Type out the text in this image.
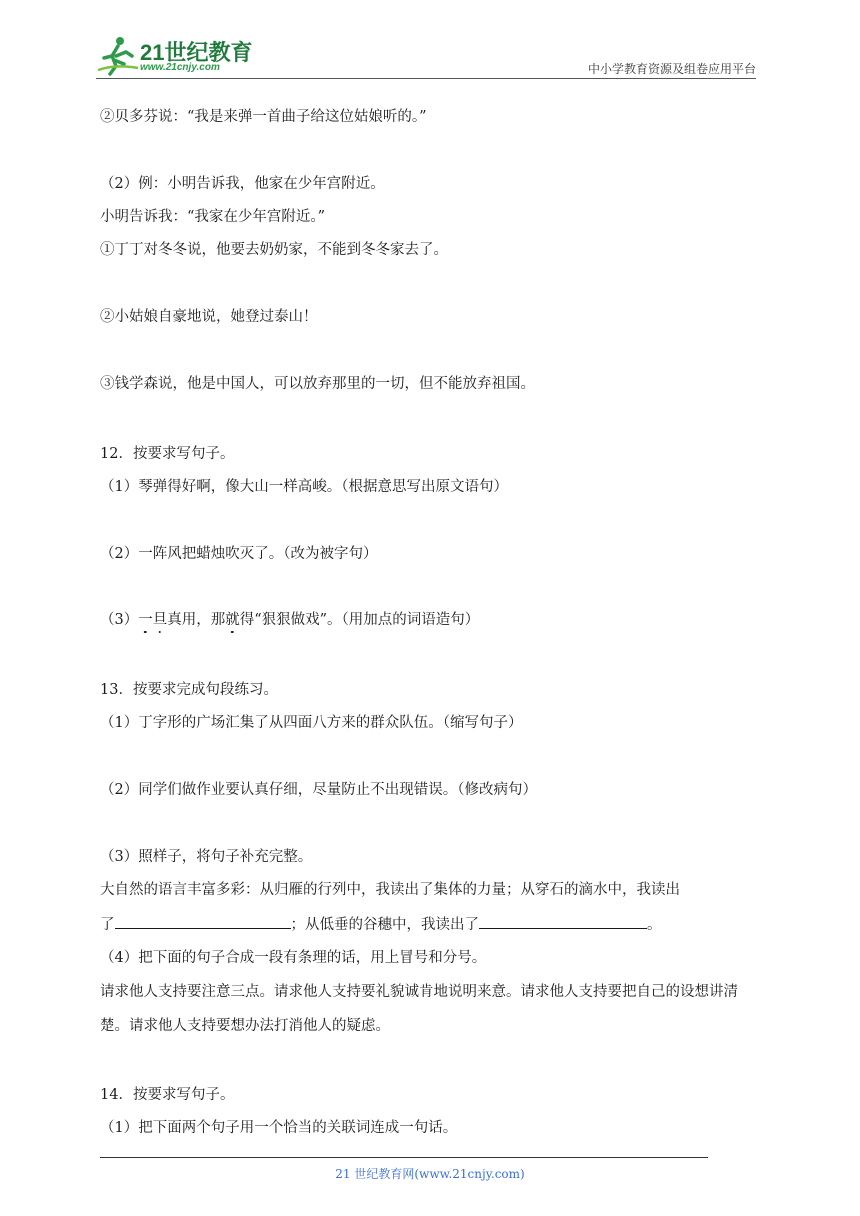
21世纪教育
www.21cnjy.com	中小学教育资源及组卷应用平台
②贝多芬说：“我是来弹一首曲子给这位姑娘听的。”
（2）例：小明告诉我，他家在少年宫附近。
小明告诉我：“我家在少年宫附近。”
①丁丁对冬冬说，他要去奶奶家，不能到冬冬家去了。
②小姑娘自豪地说，她登过泰山！
③钱学森说，他是中国人，可以放弃那里的一切，但不能放弃祖国。
12．按要求写句子。
（1）琴弹得好啊，像大山一样高峻。（根据意思写出原文语句）
（2）一阵风把蜡烛吹灭了。（改为被字句）
（3）一
旦
真用，那就
得“狠狠做戏”。（用加点的词语造句）
13．按要求完成句段练习。
（1）丁字形的广场汇集了从四面八方来的群众队伍。（缩写句子）
（2）同学们做作业要认真仔细，尽量防止不出现错误。（修改病句）
（3）照样子，将句子补充完整。
大自然的语言丰富多彩：从归雁的行列中，我读出了集体的力量；从穿石的滴水中，我读出
了	；从低垂的谷穗中，我读出了	。
（4）把下面的句子合成一段有条理的话，用上冒号和分号。
请求他人支持要注意三点。请求他人支持要礼貌诚肯地说明来意。请求他人支持要把自己的设想讲清
楚。请求他人支持要想办法打消他人的疑虑。
14．按要求写句子。
（1）把下面两个句子用一个恰当的关联词连成一句话。
21 世纪教育网(www.21cnjy.com)
